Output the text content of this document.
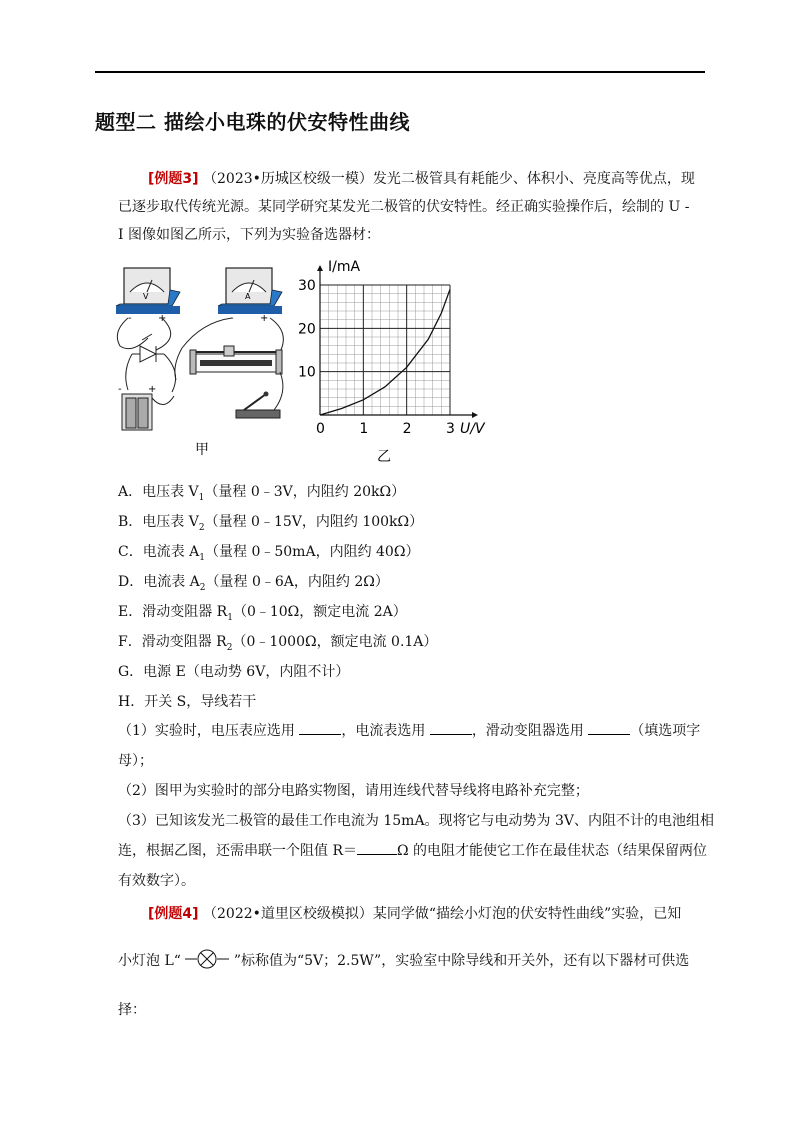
题型二 描绘小电珠的伏安特性曲线
[例题3] （2023•历城区校级一模）发光二极管具有耗能少、体积小、亮度高等优点，现
已逐步取代传统光源。某同学研究某发光二极管的伏安特性。经正确实验操作后，绘制的 U -
I 图像如图乙所示，下列为实验备选器材：
V
-	+
A
-	+
-	+
甲
0 1 2 3
10
20
30
U/V
I/mA
乙
A．电压表 $V_1$（量程 0﹣3V，内阻约 20kΩ）
B．电压表 $V_2$（量程 0﹣15V，内阻约 100kΩ）
C．电流表 $A_1$（量程 0﹣50mA，内阻约 40Ω）
D．电流表 $A_2$（量程 0﹣6A，内阻约 2Ω）
E．滑动变阻器 $R_1(0﹣10\Omega$，额定电流 2A）
F．滑动变阻器 $R_2(0﹣1000\Omega$，额定电流 0.1A）
G．电源 E（电动势 6V，内阻不计）
H．开关 S，导线若干
（1）实验时，电压表应选用	，电流表选用	，滑动变阻器选用	（填选项字
母）；
（2）图甲为实验时的部分电路实物图，请用连线代替导线将电路补充完整；
（3）已知该发光二极管的最佳工作电流为 15mA。现将它与电动势为 3V、内阻不计的电池组相
连，根据乙图，还需串联一个阻值 R＝	Ω 的电阻才能使它工作在最佳状态（结果保留两位
有效数字）。
[例题4] （2022•道里区校级模拟）某同学做“描绘小灯泡的伏安特性曲线”实验，已知
小灯泡 L“	”标称值为“5V；2.5W”，实验室中除导线和开关外，还有以下器材可供选
择：
